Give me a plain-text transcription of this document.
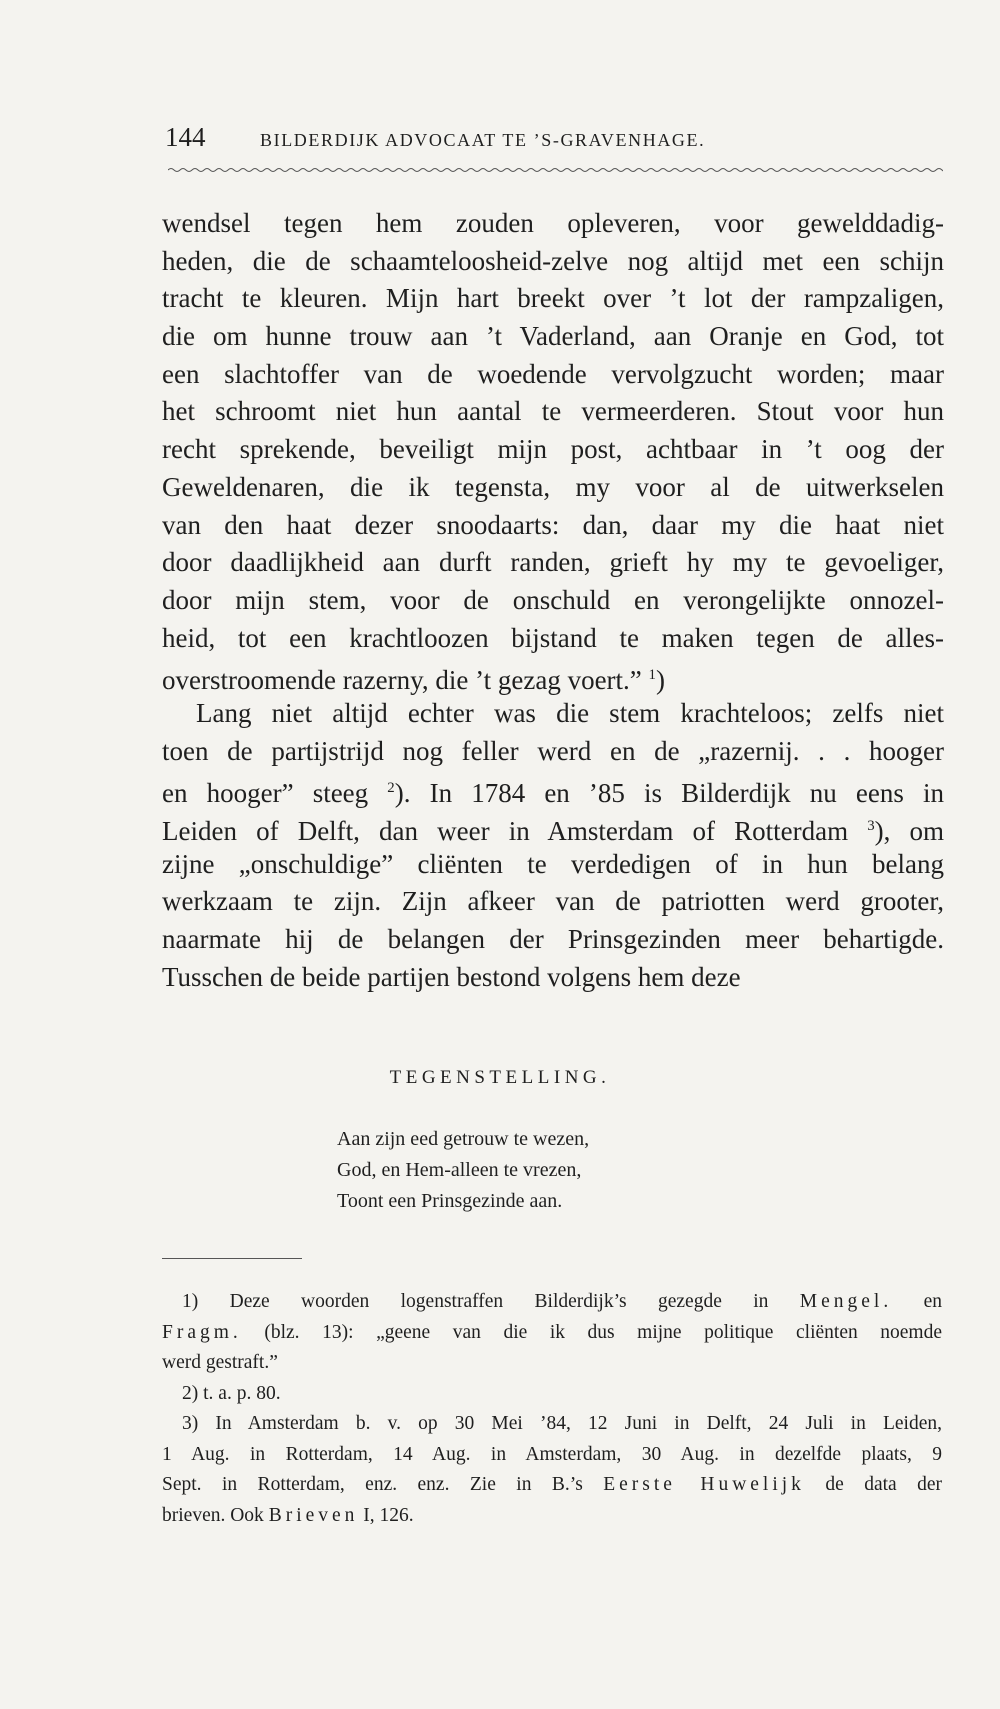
144	BILDERDIJK ADVOCAAT TE ’S-GRAVENHAGE.
wendsel tegen hem zouden opleveren, voor gewelddadig-
heden, die de schaamteloosheid-zelve nog altijd met een schijn
tracht te kleuren. Mijn hart breekt over ’t lot der rampzaligen,
die om hunne trouw aan ’t Vaderland, aan Oranje en God, tot
een slachtoffer van de woedende vervolgzucht worden; maar
het schroomt niet hun aantal te vermeerderen. Stout voor hun
recht sprekende, beveiligt mijn post, achtbaar in ’t oog der
Geweldenaren, die ik tegensta, my voor al de uitwerkselen
van den haat dezer snoodaarts: dan, daar my die haat niet
door daadlijkheid aan durft randen, grieft hy my te gevoeliger,
door mijn stem, voor de onschuld en verongelijkte onnozel-
heid, tot een krachtloozen bijstand te maken tegen de alles-
overstroomende razerny, die ’t gezag voert.” $^1$)
Lang niet altijd echter was die stem krachteloos; zelfs niet
toen de partijstrijd nog feller werd en de „razernij. . . hooger
en hooger” steeg $^2$). In 1784 en ’85 is Bilderdijk nu eens in
Leiden of Delft, dan weer in Amsterdam of Rotterdam $^3$), om
zijne „onschuldige” cliënten te verdedigen of in hun belang
werkzaam te zijn. Zijn afkeer van de patriotten werd grooter,
naarmate hij de belangen der Prinsgezinden meer behartigde.
Tusschen de beide partijen bestond volgens hem deze
TEGENSTELLING.
Aan zijn eed getrouw te wezen,
God, en Hem-alleen te vrezen,
Toont een Prinsgezinde aan.
1) Deze woorden logenstraffen Bilderdijk’s gezegde in Mengel. en
Fragm. (blz. 13): „geene van die ik dus mijne politique cliënten noemde
werd gestraft.”
2) t. a. p. 80.
3) In Amsterdam b. v. op 30 Mei ’84, 12 Juni in Delft, 24 Juli in Leiden,
1 Aug. in Rotterdam, 14 Aug. in Amsterdam, 30 Aug. in dezelfde plaats, 9
Sept. in Rotterdam, enz. enz. Zie in B.’s Eerste Huwelijk de data der
brieven. Ook Brieven I, 126.
